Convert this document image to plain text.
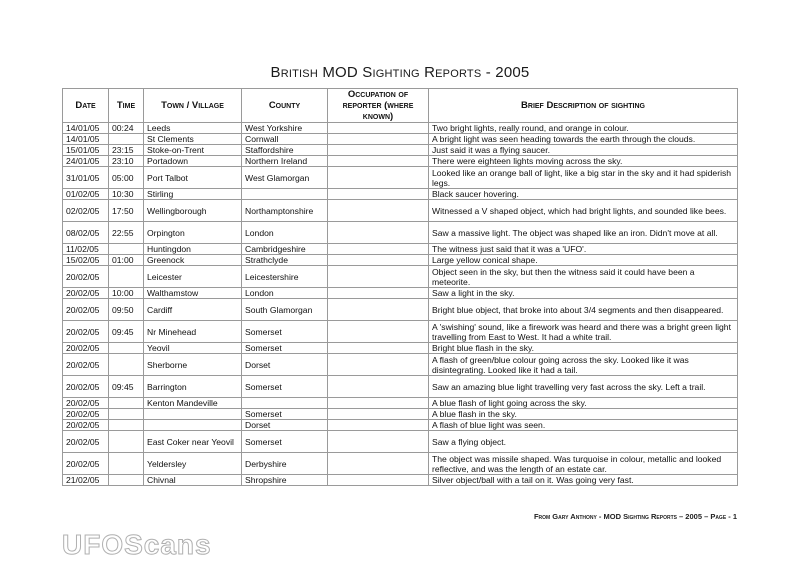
British MOD Sighting Reports - 2005
Date	Time	Town / Village	County	Occupation of reporter (where known)	Brief Description of sighting
14/01/05	00:24	Leeds	West Yorkshire		Two bright lights, really round, and orange in colour.
14/01/05		St Clements	Cornwall		A bright light was seen heading towards the earth through the clouds.
15/01/05	23:15	Stoke-on-Trent	Staffordshire		Just said it was a flying saucer.
24/01/05	23:10	Portadown	Northern Ireland		There were eighteen lights moving across the sky.
31/01/05	05:00	Port Talbot	West Glamorgan		Looked like an orange ball of light, like a big star in the sky and it had spiderish legs.
01/02/05	10:30	Stirling			Black saucer hovering.
02/02/05	17:50	Wellingborough	Northamptonshire		Witnessed a V shaped object, which had bright lights, and sounded like bees.
08/02/05	22:55	Orpington	London		Saw a massive light. The object was shaped like an iron. Didn't move at all.
11/02/05		Huntingdon	Cambridgeshire		The witness just said that it was a 'UFO'.
15/02/05	01:00	Greenock	Strathclyde		Large yellow conical shape.
20/02/05		Leicester	Leicestershire		Object seen in the sky, but then the witness said it could have been a meteorite.
20/02/05	10:00	Walthamstow	London		Saw a light in the sky.
20/02/05	09:50	Cardiff	South Glamorgan		Bright blue object, that broke into about 3/4 segments and then disappeared.
20/02/05	09:45	Nr Minehead	Somerset		A 'swishing' sound, like a firework was heard and there was a bright green light travelling from East to West. It had a white trail.
20/02/05		Yeovil	Somerset		Bright blue flash in the sky.
20/02/05		Sherborne	Dorset		A flash of green/blue colour going across the sky. Looked like it was disintegrating. Looked like it had a tail.
20/02/05	09:45	Barrington	Somerset		Saw an amazing blue light travelling very fast across the sky. Left a trail.
20/02/05		Kenton Mandeville			A blue flash of light going across the sky.
20/02/05			Somerset		A blue flash in the sky.
20/02/05			Dorset		A flash of blue light was seen.
20/02/05		East Coker near Yeovil	Somerset		Saw a flying object.
20/02/05		Yeldersley	Derbyshire		The object was missile shaped. Was turquoise in colour, metallic and looked reflective, and was the length of an estate car.
21/02/05		Chivnal	Shropshire		Silver object/ball with a tail on it. Was going very fast.
UFOScans
From Gary Anthony - MOD Sighting Reports – 2005 – Page - 1
